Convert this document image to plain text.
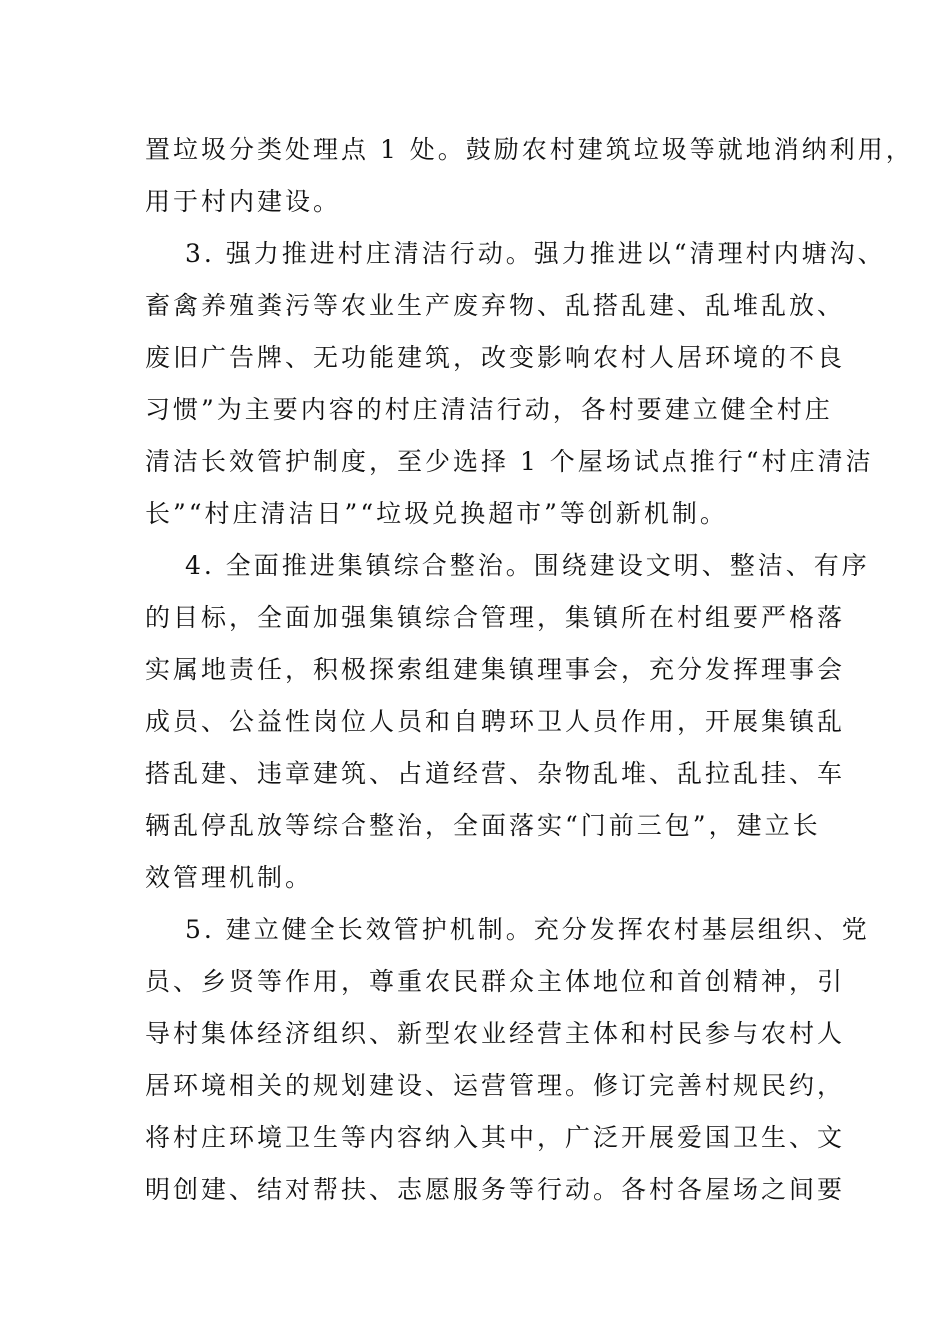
置垃圾分类处理点 1 处。鼓励农村建筑垃圾等就地消纳利用，
用于村内建设。
3. 强力推进村庄清洁行动。强力推进以“清理村内塘沟、
畜禽养殖粪污等农业生产废弃物、乱搭乱建、乱堆乱放、
废旧广告牌、无功能建筑，改变影响农村人居环境的不良
习惯”为主要内容的村庄清洁行动，各村要建立健全村庄
清洁长效管护制度，至少选择 1 个屋场试点推行“村庄清洁
长”“村庄清洁日”“垃圾兑换超市”等创新机制。
4. 全面推进集镇综合整治。围绕建设文明、整洁、有序
的目标，全面加强集镇综合管理，集镇所在村组要严格落
实属地责任，积极探索组建集镇理事会，充分发挥理事会
成员、公益性岗位人员和自聘环卫人员作用，开展集镇乱
搭乱建、违章建筑、占道经营、杂物乱堆、乱拉乱挂、车
辆乱停乱放等综合整治，全面落实“门前三包”，建立长
效管理机制。
5. 建立健全长效管护机制。充分发挥农村基层组织、党
员、乡贤等作用，尊重农民群众主体地位和首创精神，引
导村集体经济组织、新型农业经营主体和村民参与农村人
居环境相关的规划建设、运营管理。修订完善村规民约，
将村庄环境卫生等内容纳入其中，广泛开展爱国卫生、文
明创建、结对帮扶、志愿服务等行动。各村各屋场之间要
